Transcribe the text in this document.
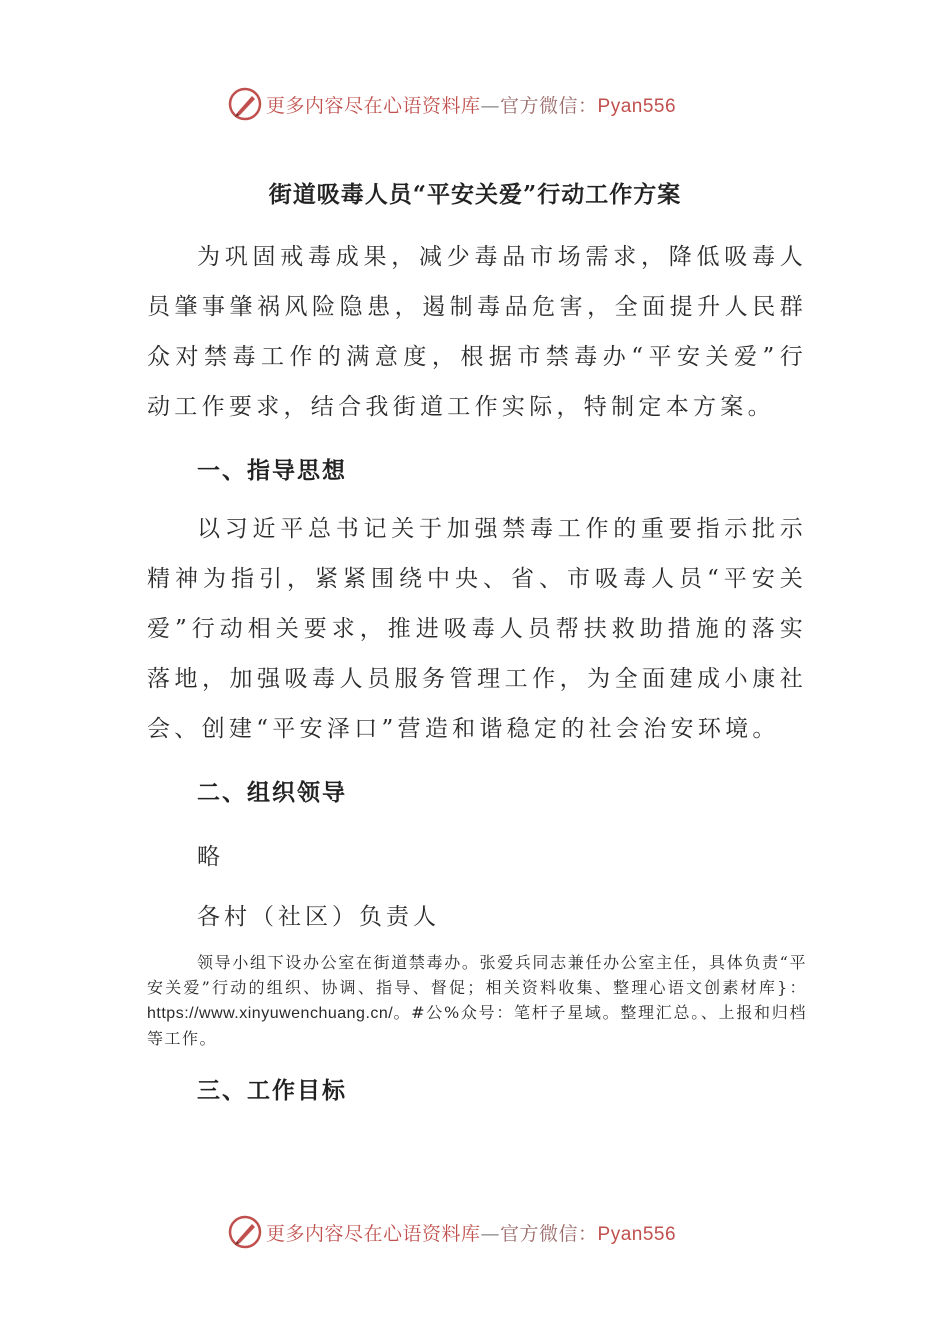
更多内容尽在心语资料库—官方微信：Pyan556
街道吸毒人员“平安关爱”行动工作方案

为巩固戒毒成果，减少毒品市场需求，降低吸毒人员肇事肇祸风险隐患，遏制毒品危害，全面提升人民群众对禁毒工作的满意度，根据市禁毒办“平安关爱”行动工作要求，结合我街道工作实际，特制定本方案。

一、指导思想

以习近平总书记关于加强禁毒工作的重要指示批示精神为指引，紧紧围绕中央、省、市吸毒人员“平安关爱”行动相关要求，推进吸毒人员帮扶救助措施的落实落地，加强吸毒人员服务管理工作，为全面建成小康社会、创建“平安泽口”营造和谐稳定的社会治安环境。

二、组织领导

略

各村（社区）负责人

领导小组下设办公室在街道禁毒办。张爱兵同志兼任办公室主任，具体负责“平安关爱”行动的组织、协调、指导、督促；相关资料收集、整理心语文创素材库}：https://www.xinyuwenchuang.cn/。#公%众号：笔杆子星域。整理汇总。、上报和归档等工作。

三、工作目标
更多内容尽在心语资料库—官方微信：Pyan556
